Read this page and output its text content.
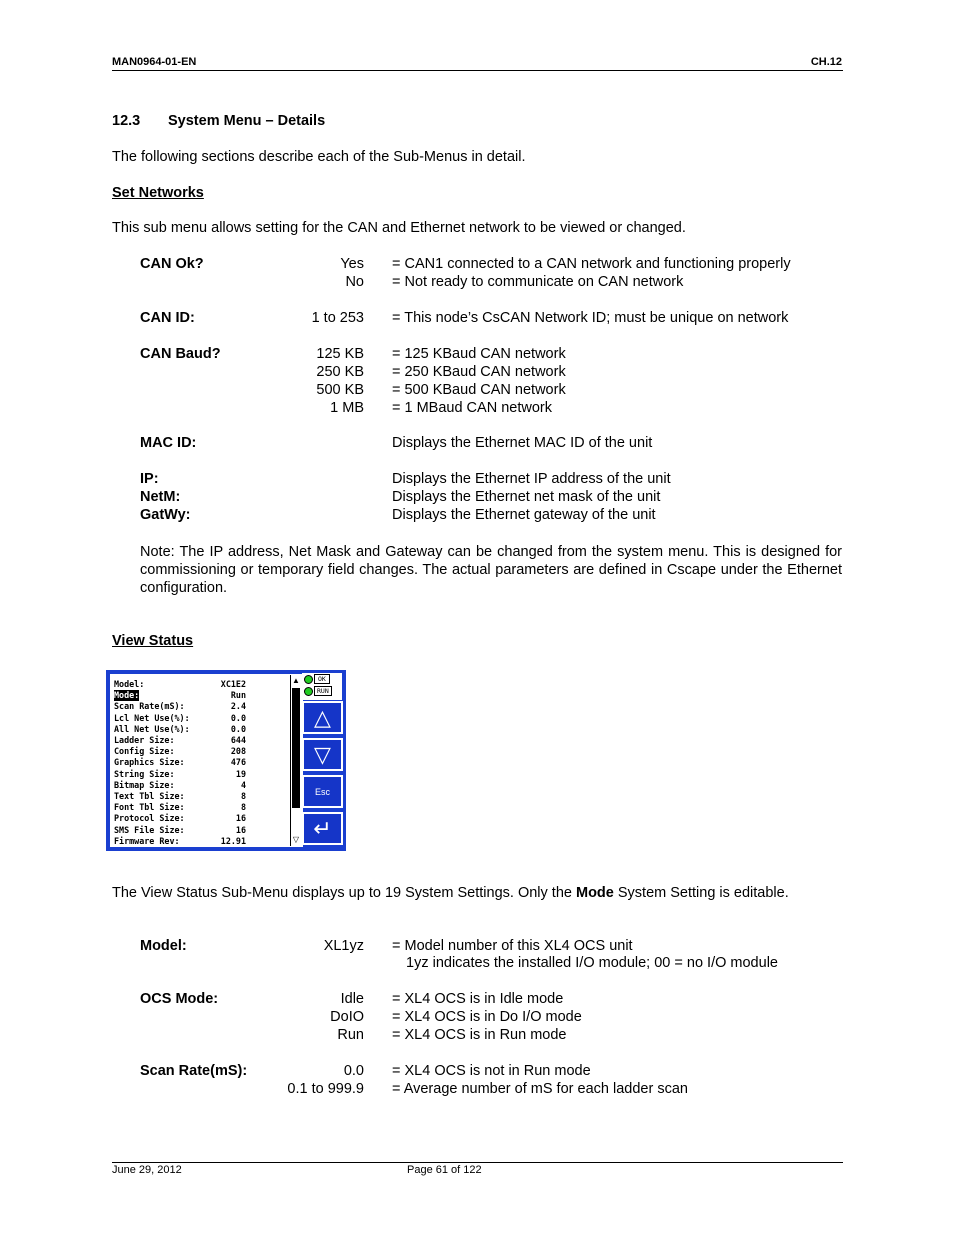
MAN0964-01-EN	CH.12
12.3 System Menu – Details
The following sections describe each of the Sub-Menus in detail.
Set Networks
This sub menu allows setting for the CAN and Ethernet network to be viewed or changed.
CAN Ok?	Yes = CAN1 connected to a CAN network and functioning properly
No = Not ready to communicate on CAN network
CAN ID:	1 to 253 = This node’s CsCAN Network ID; must be unique on network
CAN Baud?	125 KB = 125 KBaud CAN network
250 KB = 250 KBaud CAN network
500 KB = 500 KBaud CAN network
1 MB = 1 MBaud CAN network
MAC ID:	Displays the Ethernet MAC ID of the unit
IP:	Displays the Ethernet IP address of the unit
NetM:	Displays the Ethernet net mask of the unit
GatWy:	Displays the Ethernet gateway of the unit
Note: The IP address, Net Mask and Gateway can be changed from the system menu. This is designed for commissioning or temporary field changes. The actual parameters are defined in Cscape under the Ethernet configuration.
View Status
Model:	XC1E2
Mode:	Run
Scan Rate(mS):	2.4
Lcl Net Use(%):	0.0
All Net Use(%):	0.0
Ladder Size:	644
Config Size:	208
Graphics Size:	476
String Size:	19
Bitmap Size:	4
Text Tbl Size:	8
Font Tbl Size:	8
Protocol Size:	16
SMS File Size:	16
Firmware Rev:	12.91
▲
▽
OK
RUN
△
▽
Esc
↵
The View Status Sub-Menu displays up to 19 System Settings. Only the Mode System Setting is editable.
Model:	XL1yz = Model number of this XL4 OCS unit
1yz indicates the installed I/O module; 00 = no I/O module
OCS Mode:	Idle = XL4 OCS is in Idle mode
DoIO = XL4 OCS is in Do I/O mode
Run = XL4 OCS is in Run mode
Scan Rate(mS):	0.0 = XL4 OCS is not in Run mode
0.1 to 999.9 = Average number of mS for each ladder scan
June 29, 2012	Page 61 of 122
